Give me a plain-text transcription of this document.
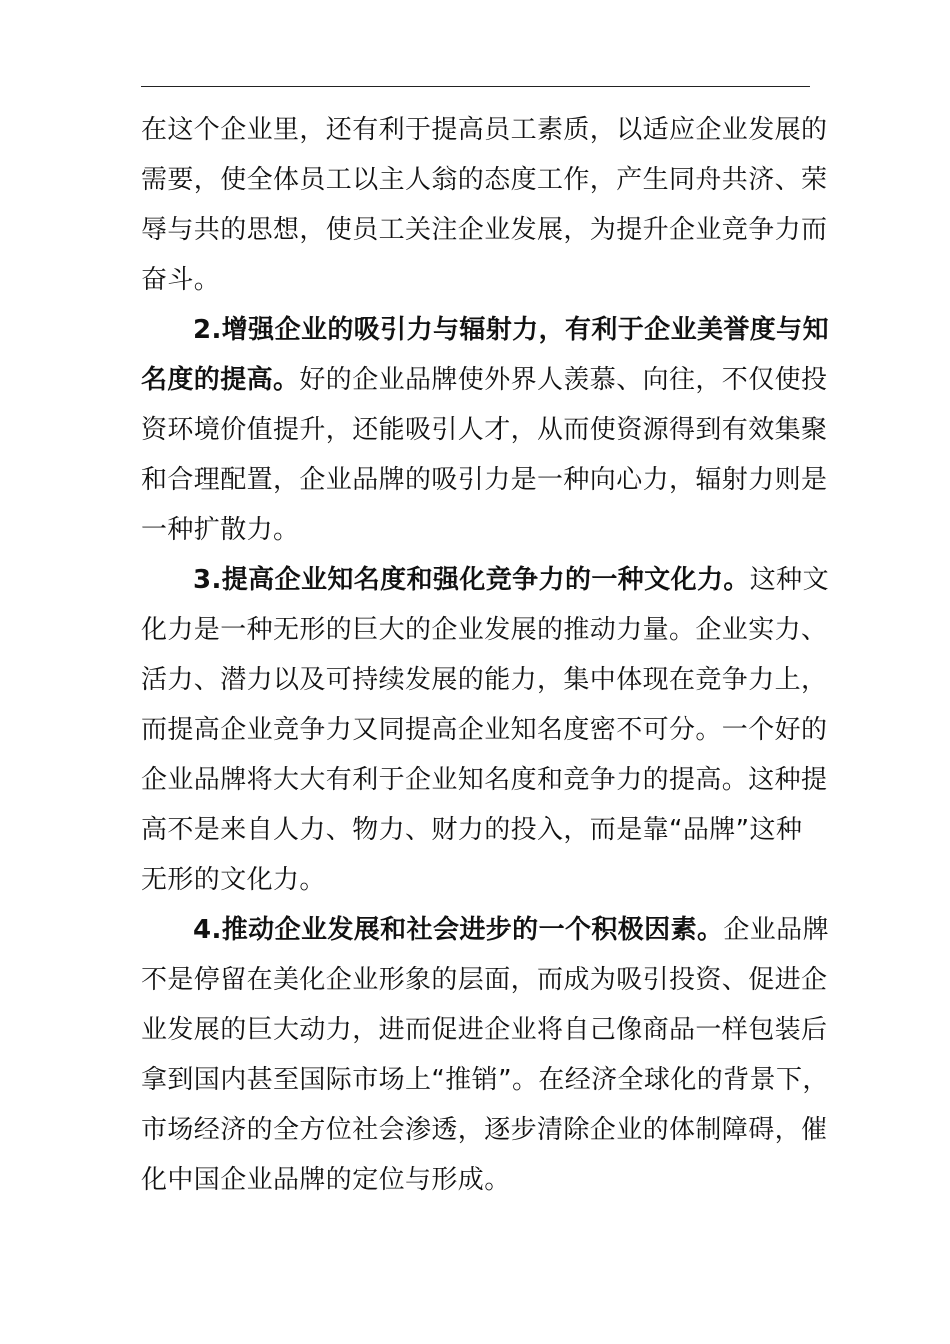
在这个企业里，还有利于提高员工素质，以适应企业发展的
需要，使全体员工以主人翁的态度工作，产生同舟共济、荣
辱与共的思想，使员工关注企业发展，为提升企业竞争力而
奋斗。
2.增强企业的吸引力与辐射力，有利于企业美誉度与知
名度的提高。好的企业品牌使外界人羡慕、向往，不仅使投
资环境价值提升，还能吸引人才，从而使资源得到有效集聚
和合理配置，企业品牌的吸引力是一种向心力，辐射力则是
一种扩散力。
3.提高企业知名度和强化竞争力的一种文化力。这种文
化力是一种无形的巨大的企业发展的推动力量。企业实力、
活力、潜力以及可持续发展的能力，集中体现在竞争力上，
而提高企业竞争力又同提高企业知名度密不可分。一个好的
企业品牌将大大有利于企业知名度和竞争力的提高。这种提
高不是来自人力、物力、财力的投入，而是靠“品牌”这种
无形的文化力。
4.推动企业发展和社会进步的一个积极因素。企业品牌
不是停留在美化企业形象的层面，而成为吸引投资、促进企
业发展的巨大动力，进而促进企业将自己像商品一样包装后
拿到国内甚至国际市场上“推销”。在经济全球化的背景下，
市场经济的全方位社会渗透，逐步清除企业的体制障碍，催
化中国企业品牌的定位与形成。
